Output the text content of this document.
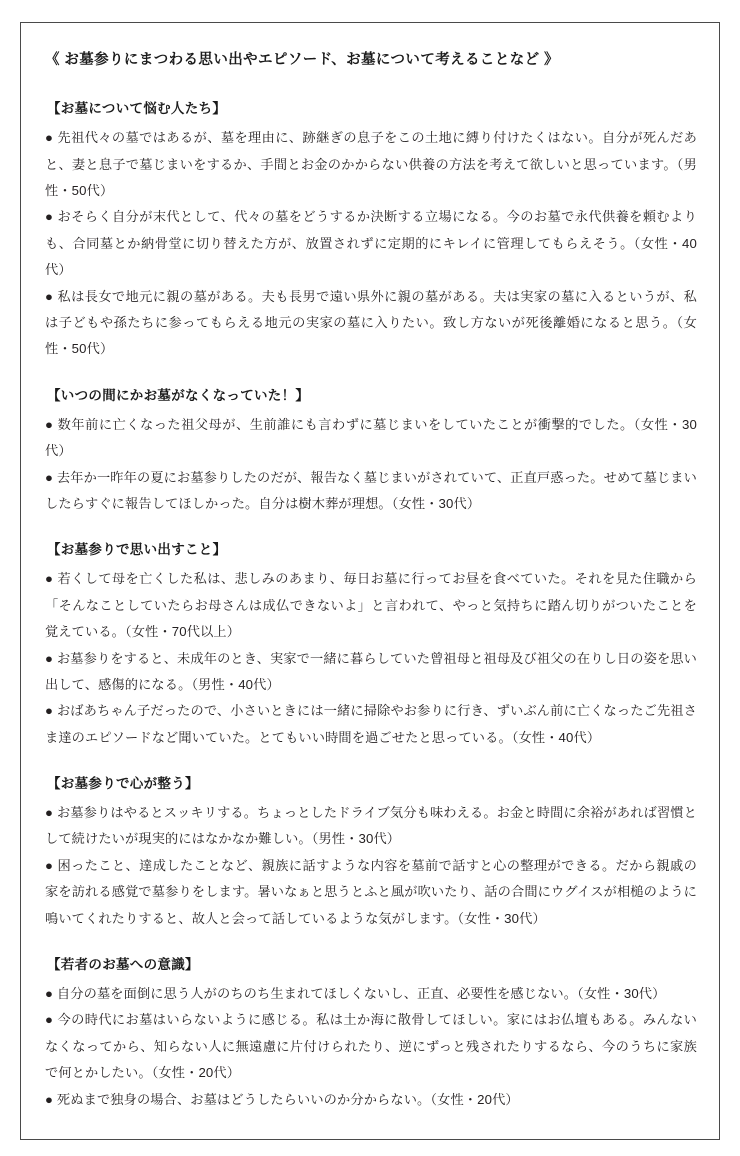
《 お墓参りにまつわる思い出やエピソード、お墓について考えることなど 》
【お墓について悩む人たち】

● 先祖代々の墓ではあるが、墓を理由に、跡継ぎの息子をこの土地に縛り付けたくはない。自分が死んだあと、妻と息子で墓じまいをするか、手間とお金のかからない供養の方法を考えて欲しいと思っています。（男性・50代）

● おそらく自分が末代として、代々の墓をどうするか決断する立場になる。今のお墓で永代供養を頼むよりも、合同墓とか納骨堂に切り替えた方が、放置されずに定期的にキレイに管理してもらえそう。（女性・40代）

● 私は長女で地元に親の墓がある。夫も長男で遠い県外に親の墓がある。夫は実家の墓に入るというが、私は子どもや孫たちに参ってもらえる地元の実家の墓に入りたい。致し方ないが死後離婚になると思う。（女性・50代）

【いつの間にかお墓がなくなっていた！】

● 数年前に亡くなった祖父母が、生前誰にも言わずに墓じまいをしていたことが衝撃的でした。（女性・30代）

● 去年か一昨年の夏にお墓参りしたのだが、報告なく墓じまいがされていて、正直戸惑った。せめて墓じまいしたらすぐに報告してほしかった。自分は樹木葬が理想。（女性・30代）

【お墓参りで思い出すこと】

● 若くして母を亡くした私は、悲しみのあまり、毎日お墓に行ってお昼を食べていた。それを見た住職から「そんなことしていたらお母さんは成仏できないよ」と言われて、やっと気持ちに踏ん切りがついたことを覚えている。（女性・70代以上）

● お墓参りをすると、未成年のとき、実家で一緒に暮らしていた曾祖母と祖母及び祖父の在りし日の姿を思い出して、感傷的になる。（男性・40代）

● おばあちゃん子だったので、小さいときには一緒に掃除やお参りに行き、ずいぶん前に亡くなったご先祖さま達のエピソードなど聞いていた。とてもいい時間を過ごせたと思っている。（女性・40代）

【お墓参りで心が整う】

● お墓参りはやるとスッキリする。ちょっとしたドライブ気分も味わえる。お金と時間に余裕があれば習慣として続けたいが現実的にはなかなか難しい。（男性・30代）

● 困ったこと、達成したことなど、親族に話すような内容を墓前で話すと心の整理ができる。だから親戚の家を訪れる感覚で墓参りをします。暑いなぁと思うとふと風が吹いたり、話の合間にウグイスが相槌のように鳴いてくれたりすると、故人と会って話しているような気がします。（女性・30代）

【若者のお墓への意識】

● 自分の墓を面倒に思う人がのちのち生まれてほしくないし、正直、必要性を感じない。（女性・30代）

● 今の時代にお墓はいらないように感じる。私は土か海に散骨してほしい。家にはお仏壇もある。みんないなくなってから、知らない人に無遠慮に片付けられたり、逆にずっと残されたりするなら、今のうちに家族で何とかしたい。（女性・20代）

● 死ぬまで独身の場合、お墓はどうしたらいいのか分からない。（女性・20代）
